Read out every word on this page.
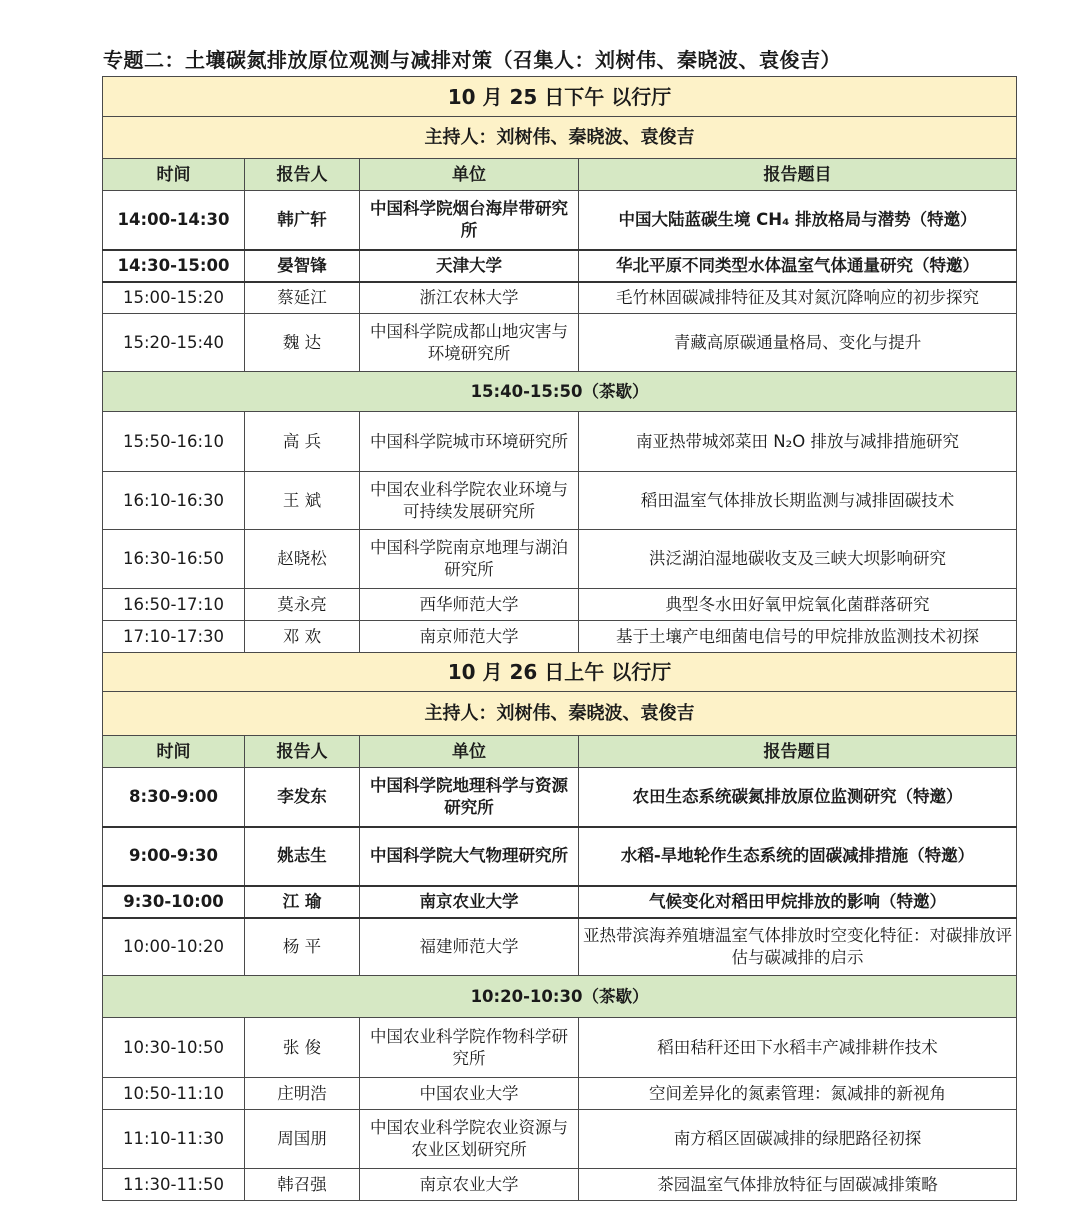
专题二：土壤碳氮排放原位观测与减排对策（召集人：刘树伟、秦晓波、袁俊吉）
10 月 25 日下午 以行厅			
主持人：刘树伟、秦晓波、袁俊吉			
时间	报告人	单位	报告题目
14:00-14:30	韩广轩	中国科学院烟台海岸带研究所	中国大陆蓝碳生境 CH₄ 排放格局与潜势（特邀）
14:30-15:00	晏智锋	天津大学	华北平原不同类型水体温室气体通量研究（特邀）
15:00-15:20	蔡延江	浙江农林大学	毛竹林固碳减排特征及其对氮沉降响应的初步探究
15:20-15:40	魏 达	中国科学院成都山地灾害与环境研究所	青藏高原碳通量格局、变化与提升
15:40-15:50（茶歇）			
15:50-16:10	高 兵	中国科学院城市环境研究所	南亚热带城郊菜田 N₂O 排放与减排措施研究
16:10-16:30	王 斌	中国农业科学院农业环境与可持续发展研究所	稻田温室气体排放长期监测与减排固碳技术
16:30-16:50	赵晓松	中国科学院南京地理与湖泊研究所	洪泛湖泊湿地碳收支及三峡大坝影响研究
16:50-17:10	莫永亮	西华师范大学	典型冬水田好氧甲烷氧化菌群落研究
17:10-17:30	邓 欢	南京师范大学	基于土壤产电细菌电信号的甲烷排放监测技术初探
10 月 26 日上午 以行厅			
主持人：刘树伟、秦晓波、袁俊吉			
时间	报告人	单位	报告题目
8:30-9:00	李发东	中国科学院地理科学与资源研究所	农田生态系统碳氮排放原位监测研究（特邀）
9:00-9:30	姚志生	中国科学院大气物理研究所	水稻-旱地轮作生态系统的固碳减排措施（特邀）
9:30-10:00	江 瑜	南京农业大学	气候变化对稻田甲烷排放的影响（特邀）
10:00-10:20	杨 平	福建师范大学	亚热带滨海养殖塘温室气体排放时空变化特征：对碳排放评估与碳减排的启示
10:20-10:30（茶歇）			
10:30-10:50	张 俊	中国农业科学院作物科学研究所	稻田秸秆还田下水稻丰产减排耕作技术
10:50-11:10	庄明浩	中国农业大学	空间差异化的氮素管理：氮减排的新视角
11:10-11:30	周国朋	中国农业科学院农业资源与农业区划研究所	南方稻区固碳减排的绿肥路径初探
11:30-11:50	韩召强	南京农业大学	茶园温室气体排放特征与固碳减排策略
